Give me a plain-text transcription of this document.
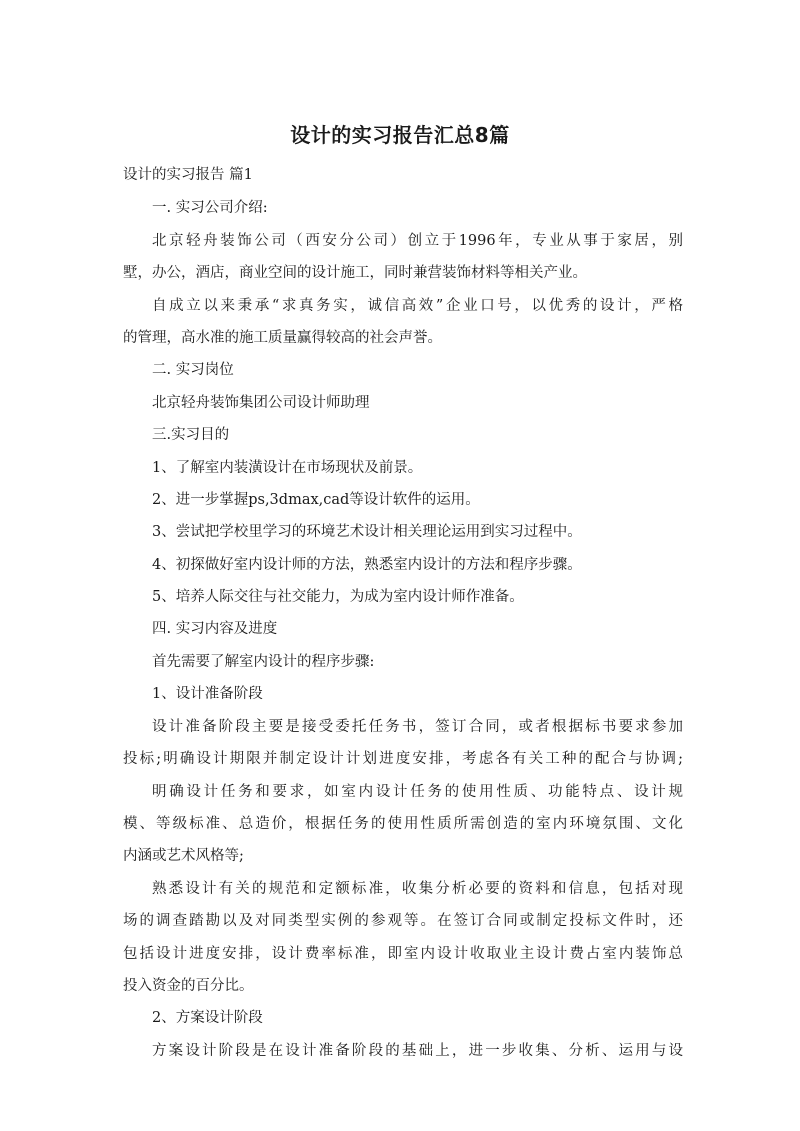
设计的实习报告汇总8篇
设计的实习报告 篇1
一. 实习公司介绍:
北京轻舟装饰公司（西安分公司）创立于1996年，专业从事于家居，别
墅，办公，酒店，商业空间的设计施工，同时兼营装饰材料等相关产业。
自成立以来秉承“求真务实，诚信高效”企业口号，以优秀的设计，严格
的管理，高水准的施工质量赢得较高的社会声誉。
二. 实习岗位
北京轻舟装饰集团公司设计师助理
三.实习目的
1、了解室内装潢设计在市场现状及前景。
2、进一步掌握ps,3dmax,cad等设计软件的运用。
3、尝试把学校里学习的环境艺术设计相关理论运用到实习过程中。
4、初探做好室内设计师的方法，熟悉室内设计的方法和程序步骤。
5、培养人际交往与社交能力，为成为室内设计师作准备。
四. 实习内容及进度
首先需要了解室内设计的程序步骤:
1、设计准备阶段
设计准备阶段主要是接受委托任务书，签订合同，或者根据标书要求参加
投标;明确设计期限并制定设计计划进度安排，考虑各有关工种的配合与协调;
明确设计任务和要求，如室内设计任务的使用性质、功能特点、设计规
模、等级标准、总造价，根据任务的使用性质所需创造的室内环境氛围、文化
内涵或艺术风格等;
熟悉设计有关的规范和定额标准，收集分析必要的资料和信息，包括对现
场的调查踏勘以及对同类型实例的参观等。在签订合同或制定投标文件时，还
包括设计进度安排，设计费率标准，即室内设计收取业主设计费占室内装饰总
投入资金的百分比。
2、方案设计阶段
方案设计阶段是在设计准备阶段的基础上，进一步收集、分析、运用与设
